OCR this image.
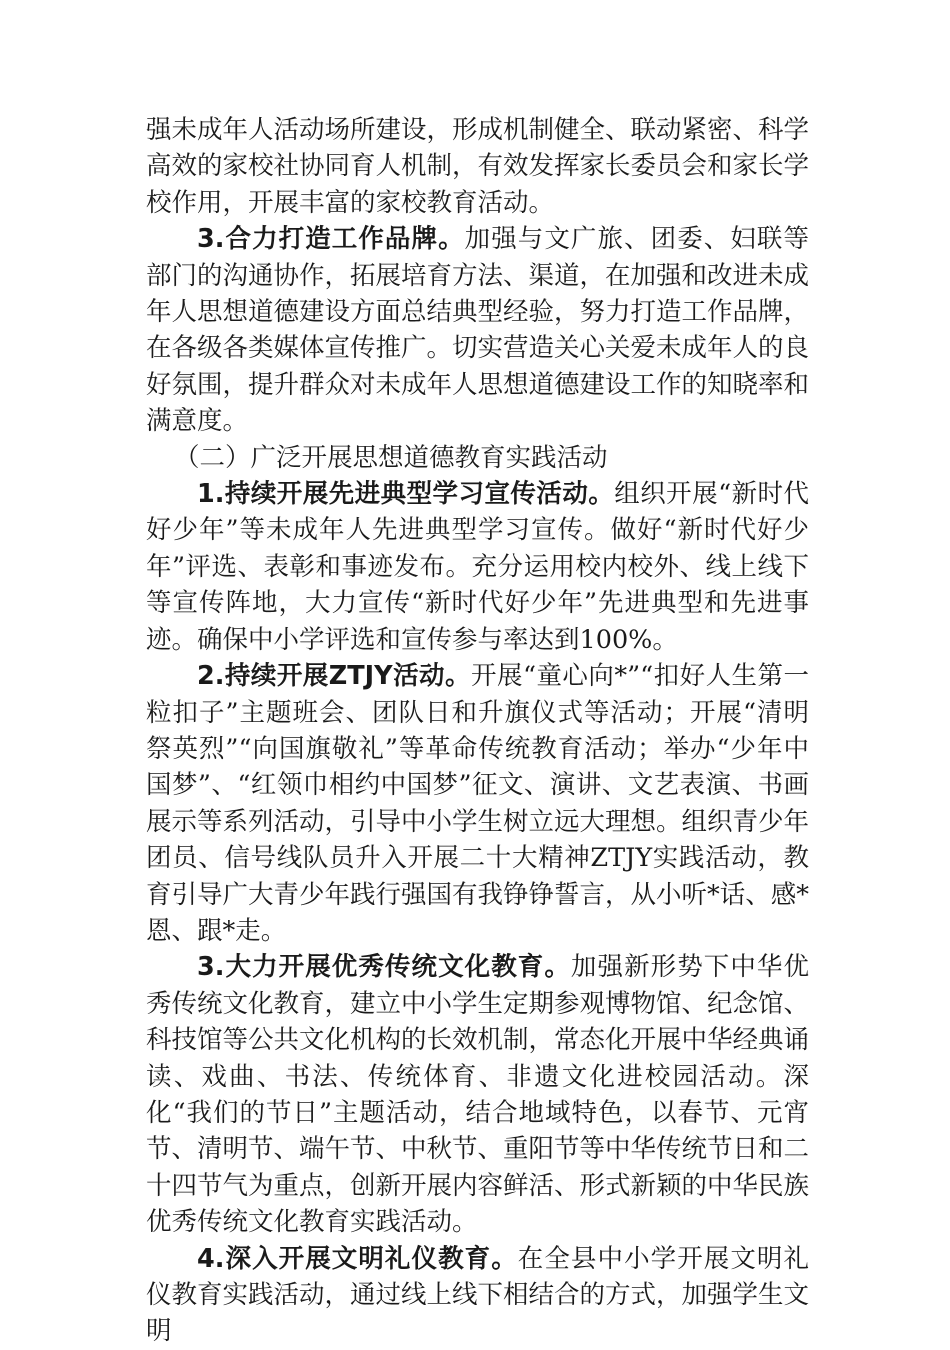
强未成年人活动场所建设，形成机制健全、联动紧密、科学高效的家校社协同育人机制，有效发挥家长委员会和家长学校作用，开展丰富的家校教育活动。

3.合力打造工作品牌。加强与文广旅、团委、妇联等部门的沟通协作，拓展培育方法、渠道，在加强和改进未成年人思想道德建设方面总结典型经验，努力打造工作品牌，在各级各类媒体宣传推广。切实营造关心关爱未成年人的良好氛围，提升群众对未成年人思想道德建设工作的知晓率和满意度。

（二）广泛开展思想道德教育实践活动

1.持续开展先进典型学习宣传活动。组织开展“新时代好少年”等未成年人先进典型学习宣传。做好“新时代好少年”评选、表彰和事迹发布。充分运用校内校外、线上线下等宣传阵地，大力宣传“新时代好少年”先进典型和先进事迹。确保中小学评选和宣传参与率达到100%。

2.持续开展ZTJY活动。开展“童心向*”“扣好人生第一粒扣子”主题班会、团队日和升旗仪式等活动；开展“清明祭英烈”“向国旗敬礼”等革命传统教育活动；举办“少年中国梦”、“红领巾相约中国梦”征文、演讲、文艺表演、书画展示等系列活动，引导中小学生树立远大理想。组织青少年团员、信号线队员升入开展二十大精神ZTJY实践活动，教育引导广大青少年践行强国有我铮铮誓言，从小听*话、感*恩、跟*走。

3.大力开展优秀传统文化教育。加强新形势下中华优秀传统文化教育，建立中小学生定期参观博物馆、纪念馆、科技馆等公共文化机构的长效机制，常态化开展中华经典诵读、戏曲、书法、传统体育、非遗文化进校园活动。深化“我们的节日”主题活动，结合地域特色，以春节、元宵节、清明节、端午节、中秋节、重阳节等中华传统节日和二十四节气为重点，创新开展内容鲜活、形式新颖的中华民族优秀传统文化教育实践活动。

4.深入开展文明礼仪教育。在全县中小学开展文明礼仪教育实践活动，通过线上线下相结合的方式，加强学生文明
